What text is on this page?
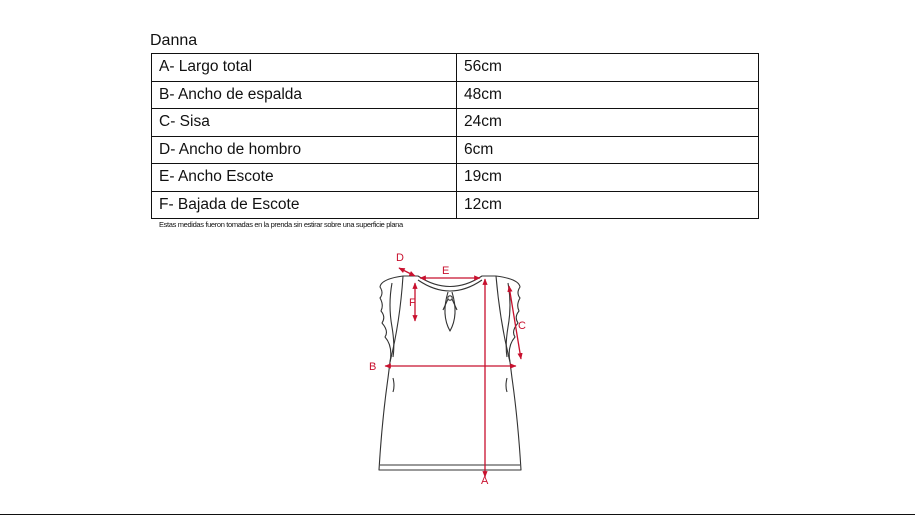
Danna
A- Largo total	56cm
B- Ancho de espalda	48cm
C- Sisa	24cm
D- Ancho de hombro	6cm
E- Ancho Escote	19cm
F- Bajada de Escote	12cm
Estas medidas fueron tomadas en la prenda sin estirar sobre una superficie plana
A
B
C
D
E
F
